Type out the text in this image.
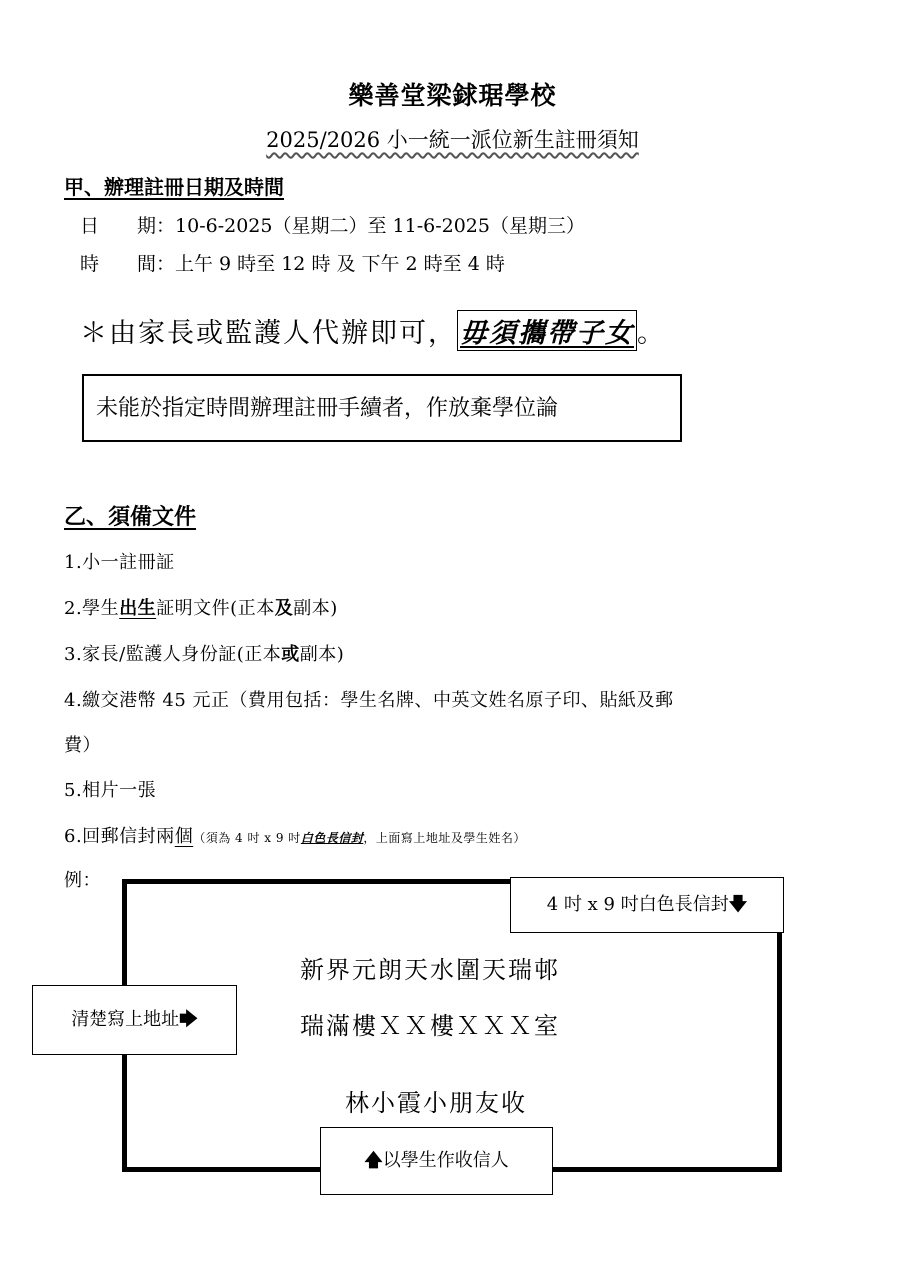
樂善堂梁銶琚學校
2025/2026 小一統一派位新生註冊須知
甲、辦理註冊日期及時間
日　　期：10-6-2025（星期二）至 11-6-2025（星期三）
時　　間：上午 9 時至 12 時 及 下午 2 時至 4 時
＊由家長或監護人代辦即可， 毋須攜帶子女 。
未能於指定時間辦理註冊手續者，作放棄學位論
乙、須備文件
1.小一註冊証
2.學生出生証明文件(正本及副本)
3.家長/監護人身份証(正本或副本)
4.繳交港幣 45 元正（費用包括：學生名牌、中英文姓名原子印、貼紙及郵
費）
5.相片一張
6.回郵信封兩個（須為 4 吋 x 9 吋白色長信封，上面寫上地址及學生姓名）
例：
4 吋 x 9 吋白色長信封🡇
新界元朗天水圍天瑞邨
瑞滿樓ＸＸ樓ＸＸＸ室
林小霞小朋友收
清楚寫上地址🡆
🡅以學生作收信人
